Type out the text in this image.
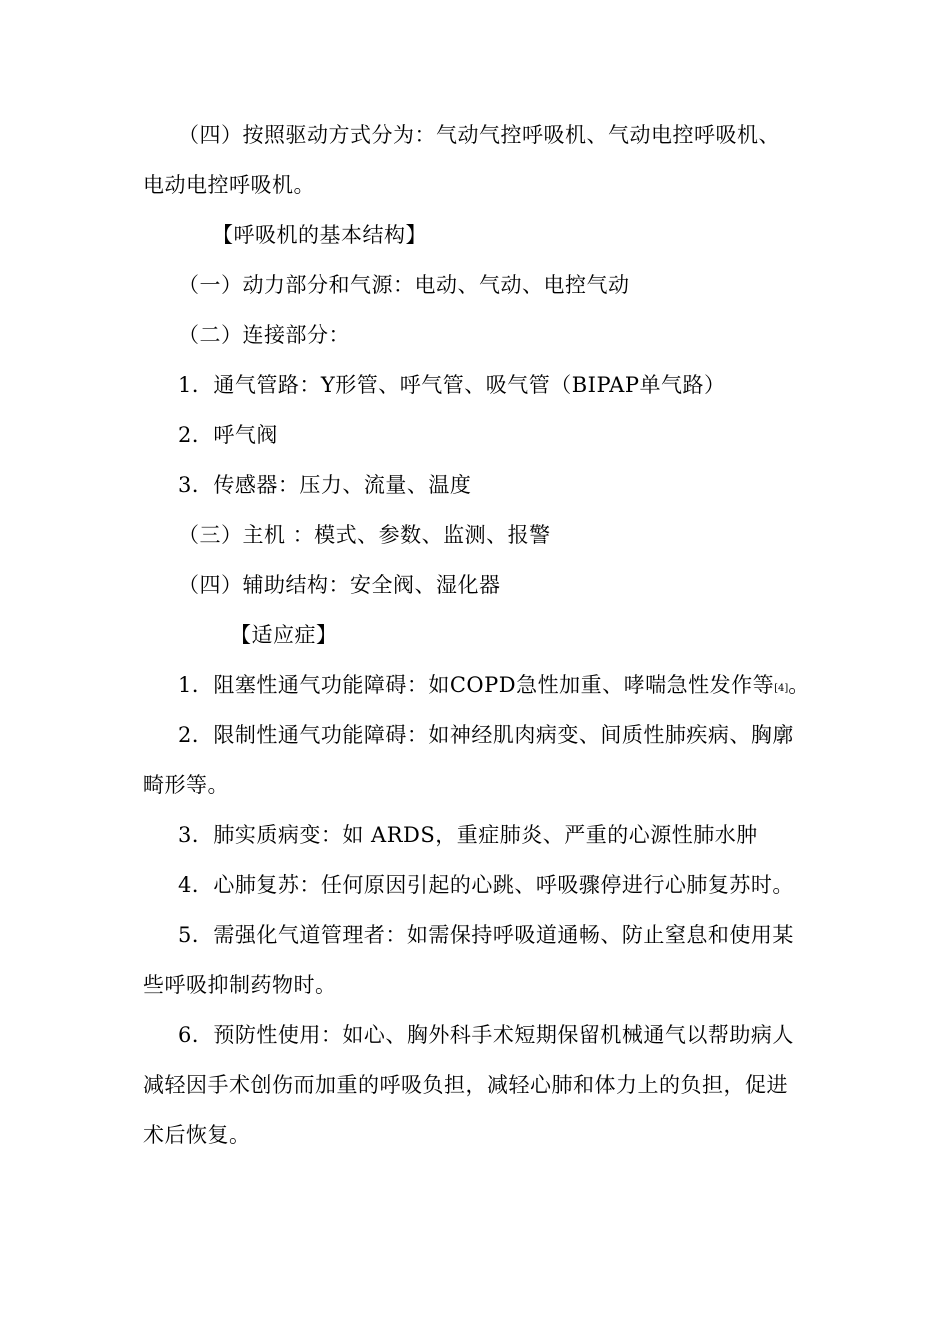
（四）按照驱动方式分为：气动气控呼吸机、气动电控呼吸机、
电动电控呼吸机。
【呼吸机的基本结构】
（一）动力部分和气源：电动、气动、电控气动
（二）连接部分：
1．通气管路：Y形管、呼气管、吸气管（BIPAP单气路）
2．呼气阀
3．传感器：压力、流量、温度
（三）主机 ：模式、参数、监测、报警
（四）辅助结构：安全阀、湿化器
【适应症】
1．阻塞性通气功能障碍：如COPD急性加重、哮喘急性发作等[4]。
2．限制性通气功能障碍：如神经肌肉病变、间质性肺疾病、胸廓
畸形等。
3．肺实质病变：如 ARDS，重症肺炎、严重的心源性肺水肿
4．心肺复苏：任何原因引起的心跳、呼吸骤停进行心肺复苏时。
5．需强化气道管理者：如需保持呼吸道通畅、防止窒息和使用某
些呼吸抑制药物时。
6．预防性使用：如心、胸外科手术短期保留机械通气以帮助病人
减轻因手术创伤而加重的呼吸负担，减轻心肺和体力上的负担，促进
术后恢复。
